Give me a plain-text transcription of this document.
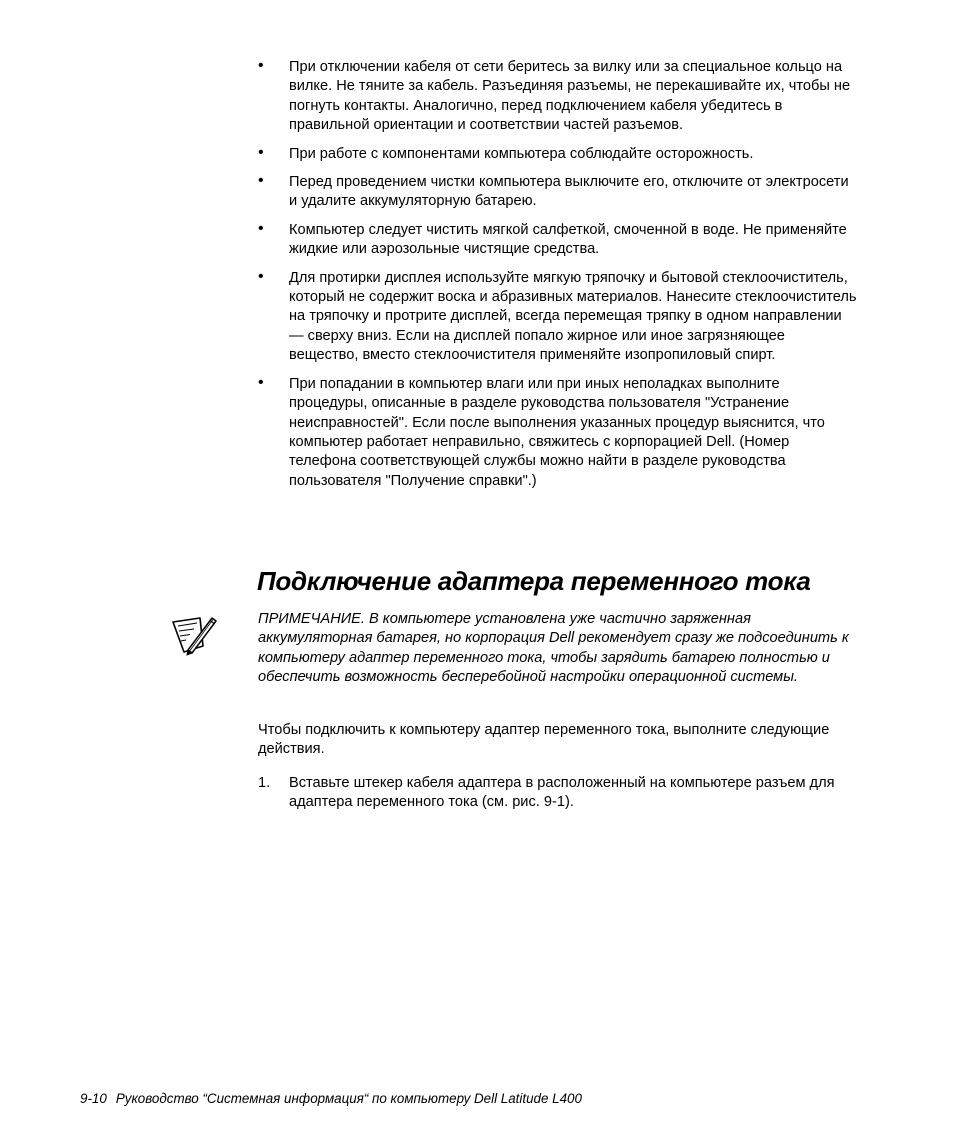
• При отключении кабеля от сети беритесь за вилку или за специальное кольцо на вилке. Не тяните за кабель. Разъединяя разъемы, не перекашивайте их, чтобы не погнуть контакты. Аналогично, перед подключением кабеля убедитесь в правильной ориентации и соответствии частей разъемов.
• При работе с компонентами компьютера соблюдайте осторожность.
• Перед проведением чистки компьютера выключите его, отключите от электросети и удалите аккумуляторную батарею.
• Компьютер следует чистить мягкой салфеткой, смоченной в воде. Не применяйте жидкие или аэрозольные чистящие средства.
• Для протирки дисплея используйте мягкую тряпочку и бытовой стеклоочиститель, который не содержит воска и абразивных материалов. Нанесите стеклоочиститель на тряпочку и протрите дисплей, всегда перемещая тряпку в одном направлении — сверху вниз. Если на дисплей попало жирное или иное загрязняющее вещество, вместо стеклоочистителя применяйте изопропиловый спирт.
• При попадании в компьютер влаги или при иных неполадках выполните процедуры, описанные в разделе руководства пользователя "Устранение неисправностей". Если после выполнения указанных процедур выяснится, что компьютер работает неправильно, свяжитесь с корпорацией Dell. (Номер телефона соответствующей службы можно найти в разделе руководства пользователя "Получение справки".)
Подключение адаптера переменного тока

ПРИМЕЧАНИЕ. В компьютере установлена уже частично заряженная аккумуляторная батарея, но корпорация Dell рекомендует сразу же подсоединить к компьютеру адаптер переменного тока, чтобы зарядить батарею полностью и обеспечить возможность бесперебойной настройки операционной системы.

Чтобы подключить к компьютеру адаптер переменного тока, выполните следующие действия.

1. Вставьте штекер кабеля адаптера в расположенный на компьютере разъем для адаптера переменного тока (см. рис. 9-1).
9-10 Руководство “Системная информация“ по компьютеру Dell Latitude L400
